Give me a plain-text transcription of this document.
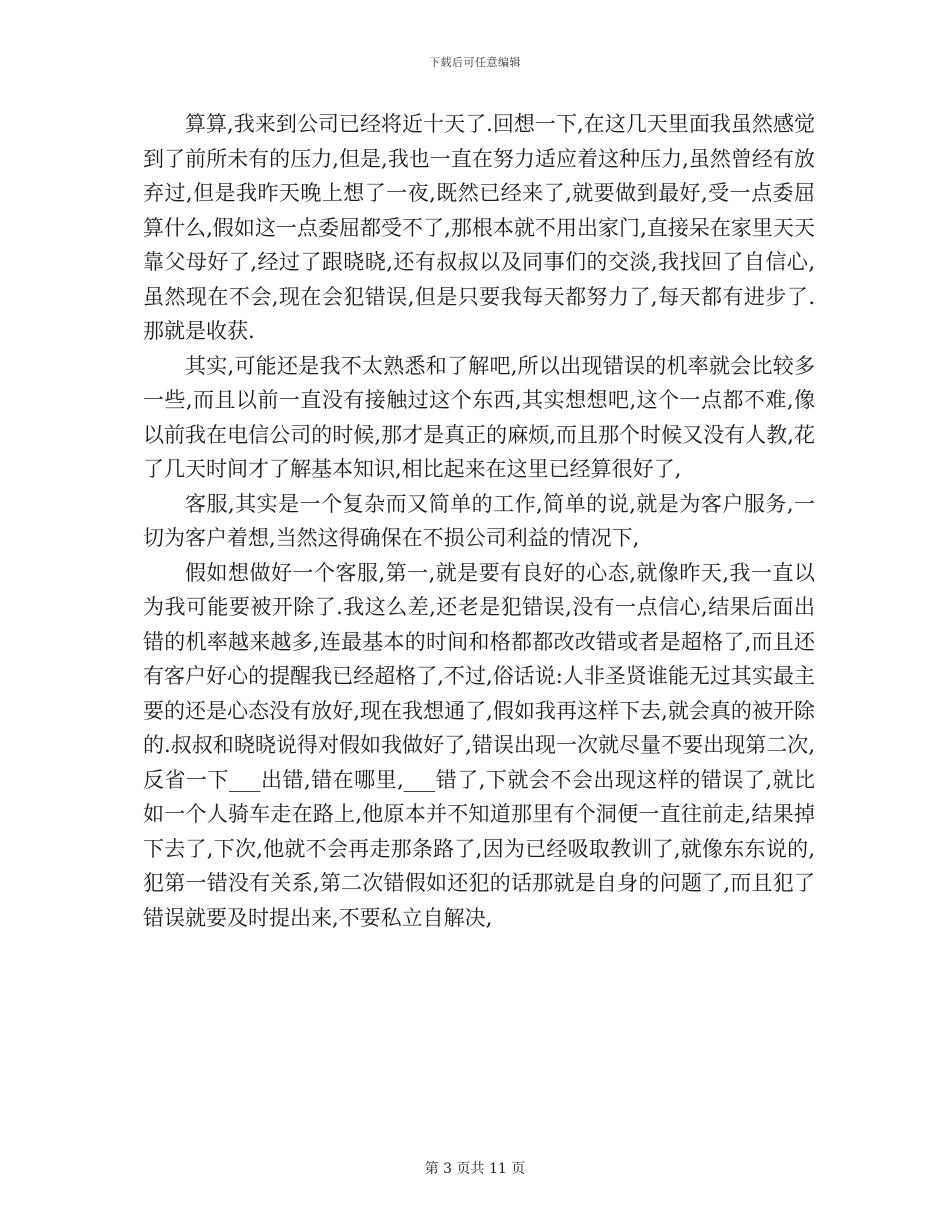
下载后可任意编辑

算算,我来到公司已经将近十天了.回想一下,在这几天里面我虽然感觉到了前所未有的压力,但是,我也一直在努力适应着这种压力,虽然曾经有放弃过,但是我昨天晚上想了一夜,既然已经来了,就要做到最好,受一点委屈算什么,假如这一点委屈都受不了,那根本就不用出家门,直接呆在家里天天靠父母好了,经过了跟晓晓,还有叔叔以及同事们的交淡,我找回了自信心,虽然现在不会,现在会犯错误,但是只要我每天都努力了,每天都有进步了.那就是收获.

其实,可能还是我不太熟悉和了解吧,所以出现错误的机率就会比较多一些,而且以前一直没有接触过这个东西,其实想想吧,这个一点都不难,像以前我在电信公司的时候,那才是真正的麻烦,而且那个时候又没有人教,花了几天时间才了解基本知识,相比起来在这里已经算很好了,

客服,其实是一个复杂而又简单的工作,简单的说,就是为客户服务,一切为客户着想,当然这得确保在不损公司利益的情况下,

假如想做好一个客服,第一,就是要有良好的心态,就像昨天,我一直以为我可能要被开除了.我这么差,还老是犯错误,没有一点信心,结果后面出错的机率越来越多,连最基本的时间和格都都改改错或者是超格了,而且还有客户好心的提醒我已经超格了,不过,俗话说:人非圣贤谁能无过其实最主要的还是心态没有放好,现在我想通了,假如我再这样下去,就会真的被开除的.叔叔和晓晓说得对假如我做好了,错误出现一次就尽量不要出现第二次,反省一下___出错,错在哪里,___错了,下就会不会出现这样的错误了,就比如一个人骑车走在路上,他原本并不知道那里有个洞便一直往前走,结果掉下去了,下次,他就不会再走那条路了,因为已经吸取教训了,就像东东说的,犯第一错没有关系,第二次错假如还犯的话那就是自身的问题了,而且犯了错误就要及时提出来,不要私立自解决,

第 3 页共 11 页
